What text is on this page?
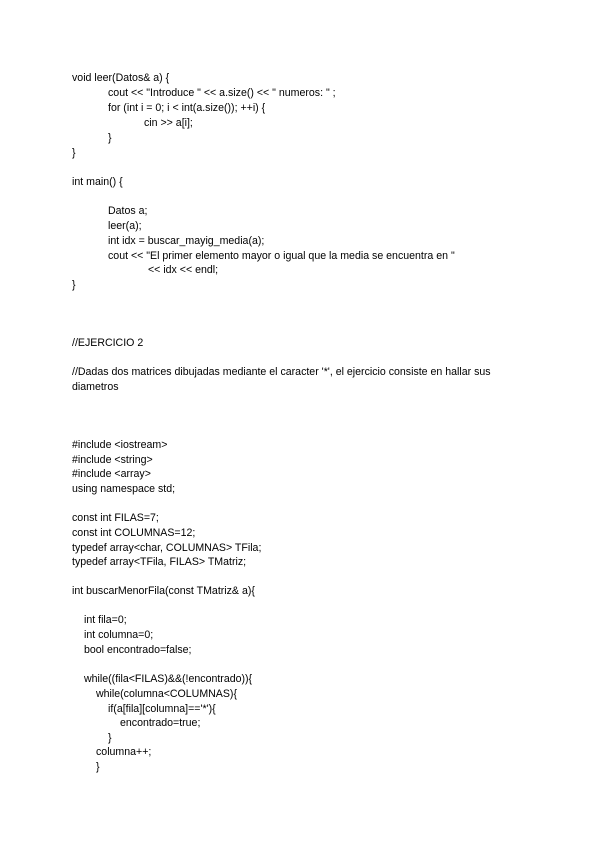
void leer(Datos& a) {
cout << "Introduce " << a.size() << " numeros: " ;
for (int i = 0; i < int(a.size()); ++i) {
cin >> a[i];
}
}
int main() {
Datos a;
leer(a);
int idx = buscar_mayig_media(a);
cout << "El primer elemento mayor o igual que la media se encuentra en "
<< idx << endl;
}
//EJERCICIO 2
//Dadas dos matrices dibujadas mediante el caracter '*', el ejercicio consiste en hallar sus
diametros
#include <iostream>
#include <string>
#include <array>
using namespace std;
const int FILAS=7;
const int COLUMNAS=12;
typedef array<char, COLUMNAS> TFila;
typedef array<TFila, FILAS> TMatriz;
int buscarMenorFila(const TMatriz& a){
int fila=0;
int columna=0;
bool encontrado=false;
while((fila<FILAS)&&(!encontrado)){
while(columna<COLUMNAS){
if(a[fila][columna]=='*'){
encontrado=true;
}
columna++;
}
